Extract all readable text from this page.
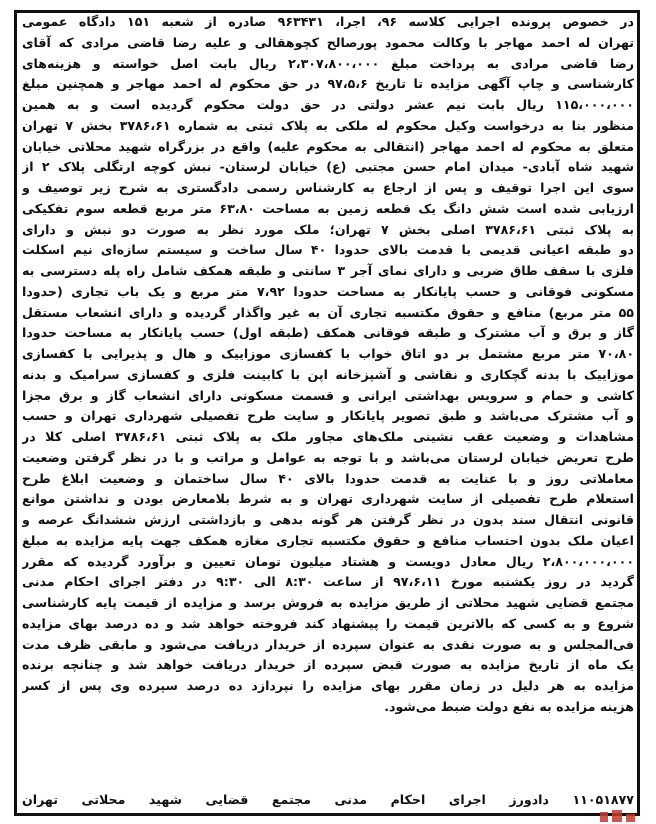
در خصوص پرونده اجرایی کلاسه ۹۶، اجرا، ۹۶۳۴۳۱ صادره از شعبه ۱۵۱ دادگاه عمومی
تهران له احمد مهاجر با وکالت محمود پورصالح کچوهقالی و علیه رضا قاضی مرادی که آقای
رضا قاضی مرادی به پرداخت مبلغ ۲،۳۰۷،۸۰۰،۰۰۰ ریال بابت اصل خواسته و هزینه‌های
کارشناسی و چاپ آگهی مزایده تا تاریخ ۹۷،۵،۶ در حق محکوم له احمد مهاجر و همچنین مبلغ
۱۱۵،۰۰۰،۰۰۰ ریال بابت نیم عشر دولتی در حق دولت محکوم گردیده است و به همین
منظور بنا به درخواست وکیل محکوم له ملکی به پلاک ثبتی به شماره ۳۷۸۶،۶۱ بخش ۷ تهران
متعلق به محکوم له احمد مهاجر (انتقالی به محکوم علیه) واقع در بزرگراه شهید محلاتی خیابان
شهید شاه آبادی- میدان امام حسن مجتبی (ع) خیابان لرستان- نبش کوچه ارتگلی پلاک ۲ از
سوی این اجرا توقیف و پس از ارجاع به کارشناس رسمی دادگستری به شرح زیر توصیف و
ارزیابی شده است شش دانگ یک قطعه زمین به مساحت ۶۳،۸۰ متر مربع قطعه سوم تفکیکی
به پلاک ثبتی ۳۷۸۶،۶۱ اصلی بخش ۷ تهران؛ ملک مورد نظر به صورت دو نبش و دارای
دو طبقه اعیانی قدیمی با قدمت بالای حدودا ۴۰ سال ساخت و سیستم سازه‌ای نیم اسکلت
فلزی با سقف طاق ضربی و دارای نمای آجر ۳ سانتی و طبقه همکف شامل راه پله دسترسی به
مسکونی فوقانی و حسب پایانکار به مساحت حدودا ۷،۹۲ متر مربع و یک باب تجاری (حدودا
۵۵ متر مربع) منافع و حقوق مکتسبه تجاری آن به غیر واگذار گردیده و دارای انشعاب مستقل
گاز و برق و آب مشترک و طبقه فوقانی همکف (طبقه اول) حسب پایانکار به مساحت حدودا
۷۰،۸۰ متر مربع مشتمل بر دو اتاق خواب با کفسازی موزاییک و هال و پذیرایی با کفسازی
موزاییک با بدنه گچکاری و نقاشی و آشپزخانه اپن با کابینت فلزی و کفسازی سرامیک و بدنه
کاشی و حمام و سرویس بهداشتی ایرانی و قسمت مسکونی دارای انشعاب گاز و برق مجزا
و آب مشترک می‌باشد و طبق تصویر پایانکار و سایت طرح تفصیلی شهرداری تهران و حسب
مشاهدات و وضعیت عقب نشینی ملک‌های مجاور ملک به پلاک ثبتی ۳۷۸۶،۶۱ اصلی کلا در
طرح تعریض خیابان لرستان می‌باشد و با توجه به عوامل و مراتب و با در نظر گرفتن وضعیت
معاملاتی روز و با عنایت به قدمت حدودا بالای ۴۰ سال ساختمان و وضعیت ابلاغ طرح
استعلام طرح تفصیلی از سایت شهرداری تهران و به شرط بلامعارض بودن و نداشتن موانع
قانونی انتقال سند بدون در نظر گرفتن هر گونه بدهی و بازداشتی ارزش ششدانگ عرصه و
اعیان ملک بدون احتساب منافع و حقوق مکتسبه تجاری مغازه همکف جهت پایه مزایده به مبلغ
۲،۸۰۰،۰۰۰،۰۰۰ ریال معادل دویست و هشتاد میلیون تومان تعیین و برآورد گردیده که مقرر
گردید در روز یکشنبه مورخ ۹۷،۶،۱۱ از ساعت ۸:۳۰ الی ۹:۳۰ در دفتر اجرای احکام مدنی
مجتمع قضایی شهید محلاتی از طریق مزایده به فروش برسد و مزایده از قیمت پایه کارشناسی
شروع و به کسی که بالاترین قیمت را پیشنهاد کند فروخته خواهد شد و ده درصد بهای مزایده
فی‌المجلس و به صورت نقدی به عنوان سپرده از خریدار دریافت می‌شود و مابقی ظرف مدت
یک ماه از تاریخ مزایده به صورت قبض سپرده از خریدار دریافت خواهد شد و چنانچه برنده
مزایده به هر دلیل در زمان مقرر بهای مزایده را نپردازد ده درصد سپرده وی پس از کسر
هزینه مزایده به نفع دولت ضبط می‌شود.
۱۱۰۵۱۸۷۷ دادورز اجرای احکام مدنی مجتمع قضایی شهید محلاتی تهران
